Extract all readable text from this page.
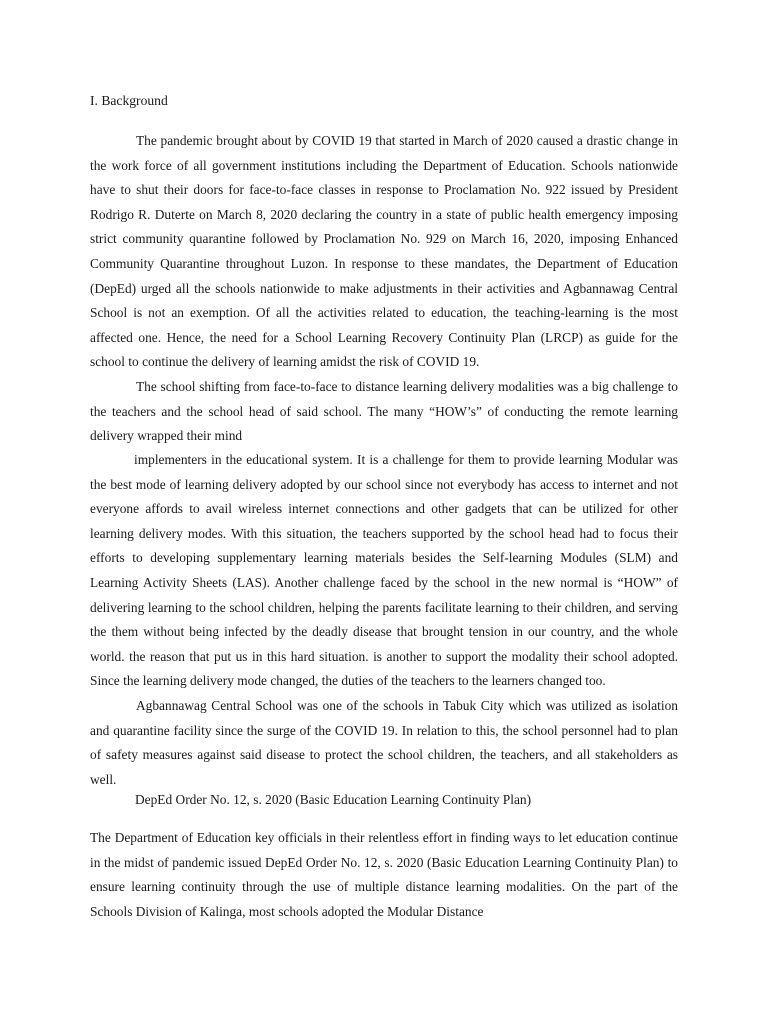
I. Background

The pandemic brought about by COVID 19 that started in March of 2020 caused a drastic change in the work force of all government institutions including the Department of Education. Schools nationwide have to shut their doors for face-to-face classes in response to Proclamation No. 922 issued by President Rodrigo R. Duterte on March 8, 2020 declaring the country in a state of public health emergency imposing strict community quarantine followed by Proclamation No. 929 on March 16, 2020, imposing Enhanced Community Quarantine throughout Luzon. In response to these mandates, the Department of Education (DepEd) urged all the schools nationwide to make adjustments in their activities and Agbannawag Central School is not an exemption. Of all the activities related to education, the teaching-learning is the most affected one. Hence, the need for a School Learning Recovery Continuity Plan (LRCP) as guide for the school to continue the delivery of learning amidst the risk of COVID 19.

The school shifting from face-to-face to distance learning delivery modalities was a big challenge to the teachers and the school head of said school. The many “HOW’s” of conducting the remote learning delivery wrapped their mind

implementers in the educational system. It is a challenge for them to provide learning Modular was the best mode of learning delivery adopted by our school since not everybody has access to internet and not everyone affords to avail wireless internet connections and other gadgets that can be utilized for other learning delivery modes. With this situation, the teachers supported by the school head had to focus their efforts to developing supplementary learning materials besides the Self-learning Modules (SLM) and Learning Activity Sheets (LAS). Another challenge faced by the school in the new normal is “HOW” of delivering learning to the school children, helping the parents facilitate learning to their children, and serving the them without being infected by the deadly disease that brought tension in our country, and the whole world. the reason that put us in this hard situation. is another to support the modality their school adopted. Since the learning delivery mode changed, the duties of the teachers to the learners changed too.

Agbannawag Central School was one of the schools in Tabuk City which was utilized as isolation and quarantine facility since the surge of the COVID 19. In relation to this, the school personnel had to plan of safety measures against said disease to protect the school children, the teachers, and all stakeholders as well.

DepEd Order No. 12, s. 2020 (Basic Education Learning Continuity Plan)

The Department of Education key officials in their relentless effort in finding ways to let education continue in the midst of pandemic issued DepEd Order No. 12, s. 2020 (Basic Education Learning Continuity Plan) to ensure learning continuity through the use of multiple distance learning modalities. On the part of the Schools Division of Kalinga, most schools adopted the Modular Distance
